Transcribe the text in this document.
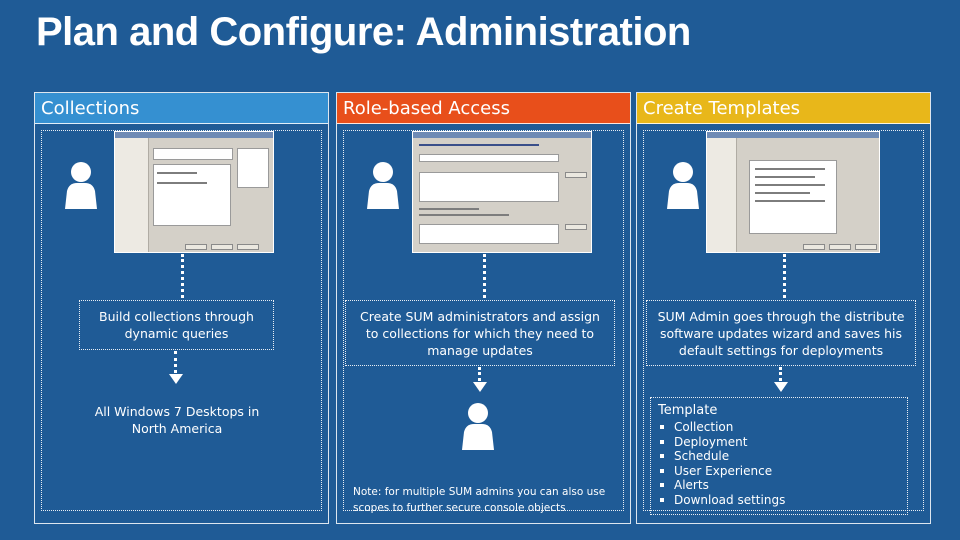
Plan and Configure: Administration
Collections
Build collections through dynamic queries
All Windows 7 Desktops in North America
Role-based Access
Create SUM administrators and assign to collections for which they need to manage updates
Note: for multiple SUM admins you can also use scopes to further secure console objects
Create Templates
SUM Admin goes through the distribute software updates wizard and saves his default settings for deployments
Template
Collection
Deployment
Schedule
User Experience
Alerts
Download settings
